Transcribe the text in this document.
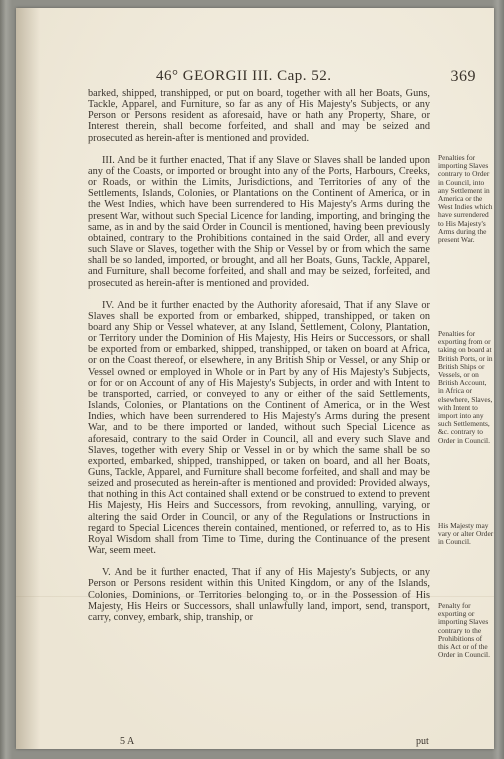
46° GEORGII III. Cap. 52.	369

barked, shipped, transhipped, or put on board, together with all her Boats, Guns, Tackle, Apparel, and Furniture, so far as any of His Majesty's Subjects, or any Person or Persons resident as aforesaid, have or hath any Property, Share, or Interest therein, shall become forfeited, and shall and may be seized and prosecuted as herein-after is mentioned and provided.

III. And be it further enacted, That if any Slave or Slaves shall be landed upon any of the Coasts, or imported or brought into any of the Ports, Harbours, Creeks, or Roads, or within the Limits, Jurisdictions, and Territories of any of the Settlements, Islands, Colonies, or Plantations on the Continent of America, or in the West Indies, which have been surrendered to His Majesty's Arms during the present War, without such Special Licence for landing, importing, and bringing the same, as in and by the said Order in Council is mentioned, having been previously obtained, contrary to the Prohibitions contained in the said Order, all and every such Slave or Slaves, together with the Ship or Vessel by or from which the same shall be so landed, imported, or brought, and all her Boats, Guns, Tackle, Apparel, and Furniture, shall become forfeited, and shall and may be seized, forfeited, and prosecuted as herein-after is mentioned and provided.

IV. And be it further enacted by the Authority aforesaid, That if any Slave or Slaves shall be exported from or embarked, shipped, transhipped, or taken on board any Ship or Vessel whatever, at any Island, Settlement, Colony, Plantation, or Territory under the Dominion of His Majesty, His Heirs or Successors, or shall be exported from or embarked, shipped, transhipped, or taken on board at Africa, or on the Coast thereof, or elsewhere, in any British Ship or Vessel, or any Ship or Vessel owned or employed in Whole or in Part by any of His Majesty's Subjects, or for or on Account of any of His Majesty's Subjects, in order and with Intent to be transported, carried, or conveyed to any or either of the said Settlements, Islands, Colonies, or Plantations on the Continent of America, or in the West Indies, which have been surrendered to His Majesty's Arms during the present War, and to be there imported or landed, without such Special Licence as aforesaid, contrary to the said Order in Council, all and every such Slave and Slaves, together with every Ship or Vessel in or by which the same shall be so exported, embarked, shipped, transhipped, or taken on board, and all her Boats, Guns, Tackle, Apparel, and Furniture shall become forfeited, and shall and may be seized and prosecuted as herein-after is mentioned and provided: Provided always, that nothing in this Act contained shall extend or be construed to extend to prevent His Majesty, His Heirs and Successors, from revoking, annulling, varying, or altering the said Order in Council, or any of the Regulations or Instructions in regard to Special Licences therein contained, mentioned, or referred to, as to His Royal Wisdom shall from Time to Time, during the Continuance of the present War, seem meet.

V. And be it further enacted, That if any of His Majesty's Subjects, or any Person or Persons resident within this United Kingdom, or any of the Islands, Colonies, Dominions, or Territories belonging to, or in the Possession of His Majesty, His Heirs or Successors, shall unlawfully land, import, send, transport, carry, convey, embark, ship, tranship, or

Penalties for importing Slaves contrary to Order in Council, into any Settlement in America or the West Indies which have surrendered to His Majesty's Arms during the present War.
Penalties for exporting from or taking on board at British Ports, or in British Ships or Vessels, or on British Account, in Africa or elsewhere, Slaves, with Intent to import into any such Settlements, &c. contrary to Order in Council.
His Majesty may vary or alter Order in Council.
Penalty for exporting or importing Slaves contrary to the Prohibitions of this Act or of the Order in Council.
5 A	put
